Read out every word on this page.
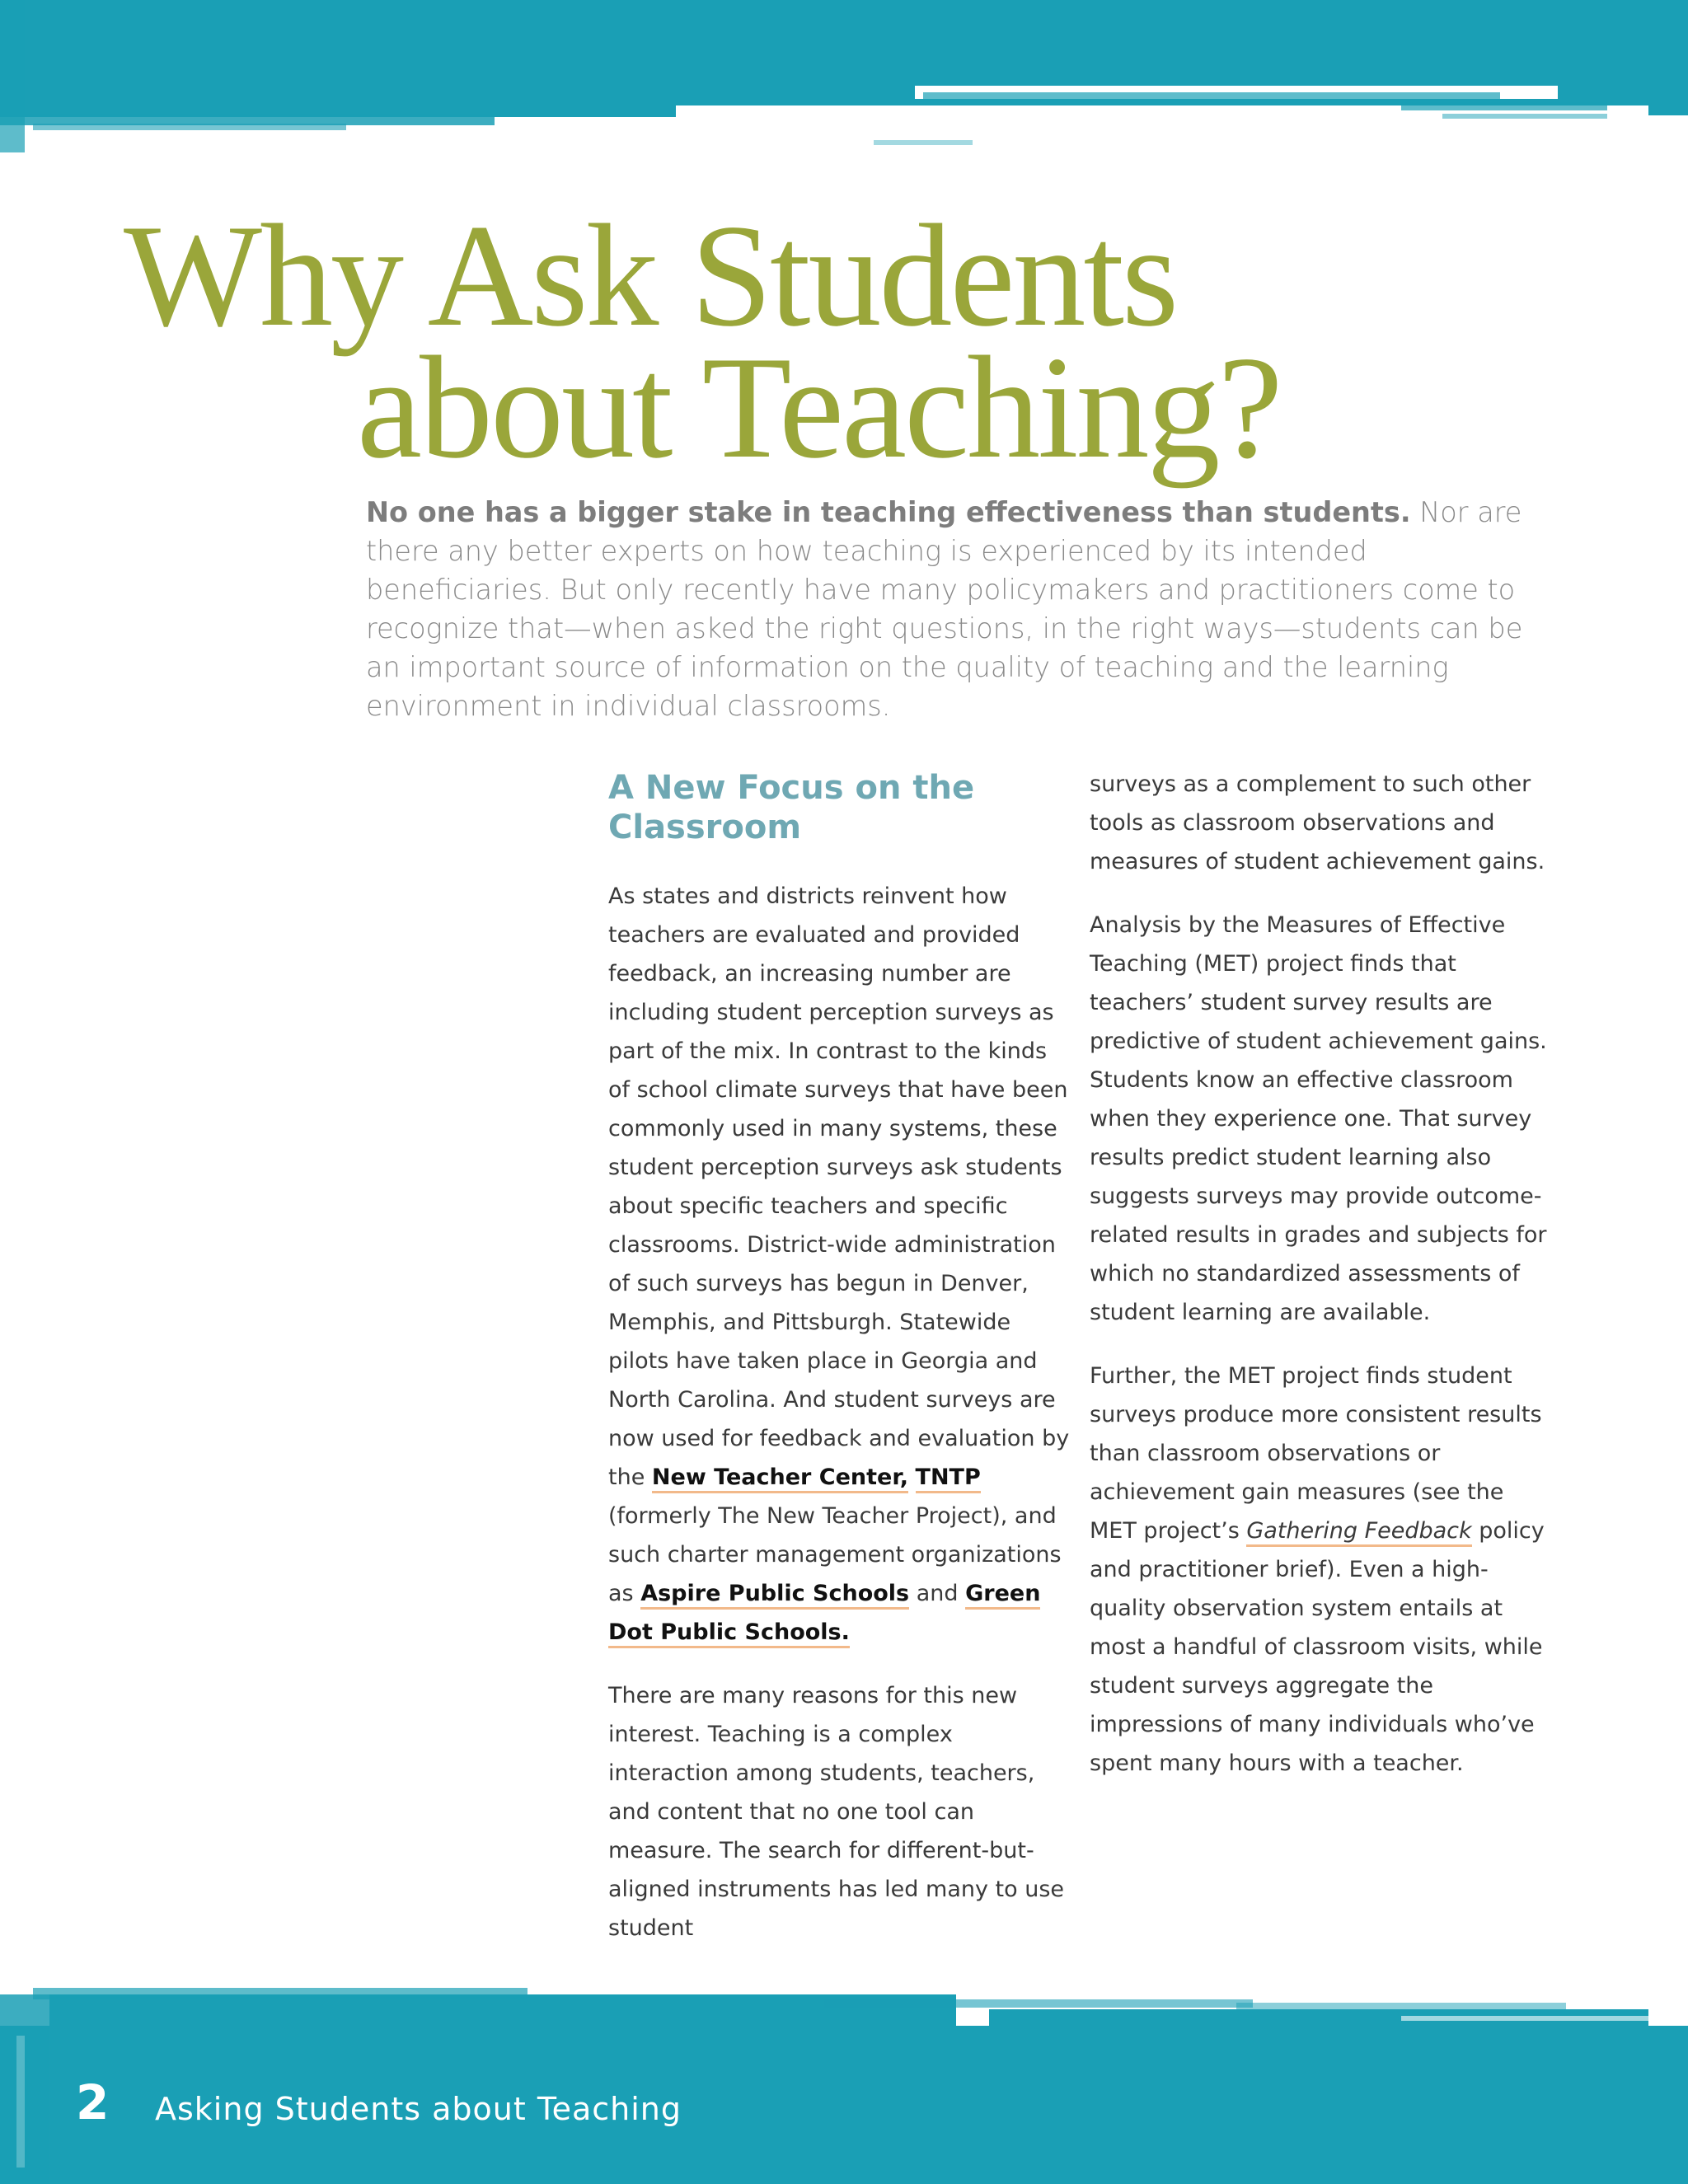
Why Ask Students
about Teaching?

No one has a bigger stake in teaching effectiveness than students. Nor are there any better experts on how teaching is experienced by its intended beneficiaries. But only recently have many policymakers and practitioners come to recognize that—when asked the right questions, in the right ways—students can be an important source of information on the quality of teaching and the learning environment in individual classrooms.

A New Focus on the Classroom

As states and districts reinvent how teachers are evaluated and provided feedback, an increasing number are including student perception surveys as part of the mix. In contrast to the kinds of school climate surveys that have been commonly used in many systems, these student perception surveys ask students about specific teachers and specific classrooms. District-wide administration of such surveys has begun in Denver, Memphis, and Pittsburgh. Statewide pilots have taken place in Georgia and North Carolina. And student surveys are now used for feedback and evaluation by the New Teacher Center, TNTP (formerly The New Teacher Project), and such charter management organizations as Aspire Public Schools and Green Dot Public Schools.

There are many reasons for this new interest. Teaching is a complex interaction among students, teachers, and content that no one tool can measure. The search for different-but-aligned instruments has led many to use student

surveys as a complement to such other tools as classroom observations and measures of student achievement gains.

Analysis by the Measures of Effective Teaching (MET) project finds that teachers’ student survey results are predictive of student achievement gains. Students know an effective classroom when they experience one. That survey results predict student learning also suggests surveys may provide outcome-related results in grades and subjects for which no standardized assessments of student learning are available.

Further, the MET project finds student surveys produce more consistent results than classroom observations or achievement gain measures (see the MET project’s Gathering Feedback policy and practitioner brief). Even a high-quality observation system entails at most a handful of classroom visits, while student surveys aggregate the impressions of many individuals who’ve spent many hours with a teacher.

2 Asking Students about Teaching
